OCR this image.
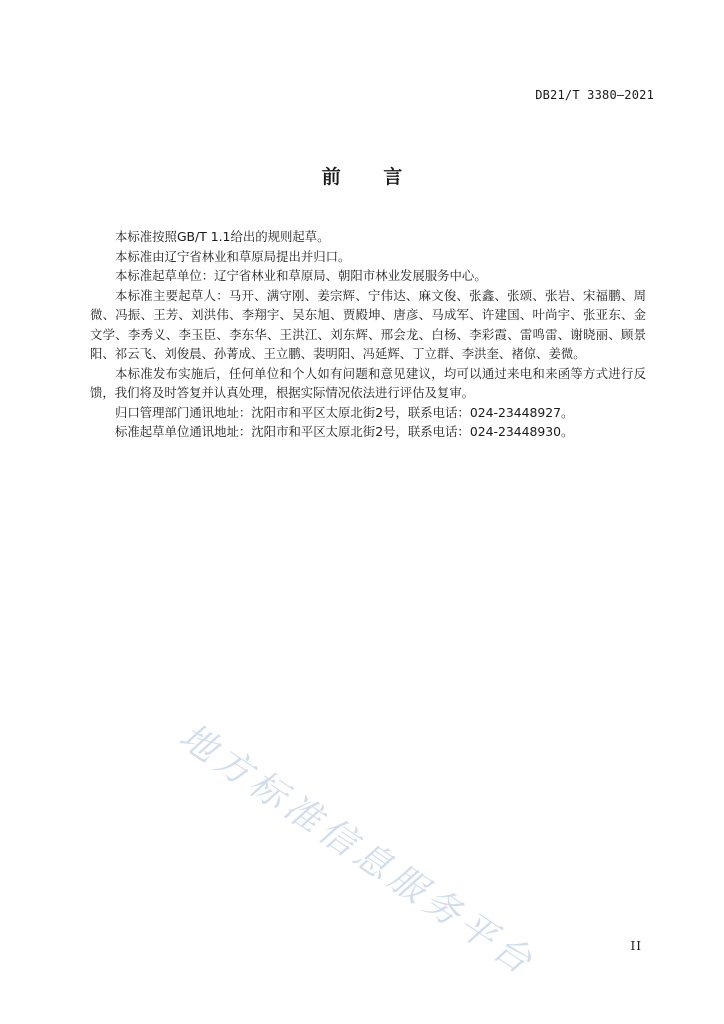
DB21/T 3380—2021
前 言

本标准按照GB/T 1.1给出的规则起草。

本标准由辽宁省林业和草原局提出并归口。

本标准起草单位：辽宁省林业和草原局、朝阳市林业发展服务中心。

本标准主要起草人：马开、满守刚、姜宗辉、宁伟达、麻文俊、张鑫、张颂、张岩、宋福鹏、周微、冯振、王芳、刘洪伟、李翔宇、吴东旭、贾殿坤、唐彦、马成军、许建国、叶尚宇、张亚东、金文学、李秀义、李玉臣、李东华、王洪江、刘东辉、邢会龙、白杨、李彩霞、雷鸣雷、谢晓丽、顾景阳、祁云飞、刘俊晨、孙菁成、王立鹏、裴明阳、冯延辉、丁立群、李洪奎、褚倞、姜微。

本标准发布实施后，任何单位和个人如有问题和意见建议，均可以通过来电和来函等方式进行反馈，我们将及时答复并认真处理，根据实际情况依法进行评估及复审。

归口管理部门通讯地址：沈阳市和平区太原北街2号，联系电话：024-23448927。

标准起草单位通讯地址：沈阳市和平区太原北街2号，联系电话：024-23448930。

地方标准信息服务平台	II
